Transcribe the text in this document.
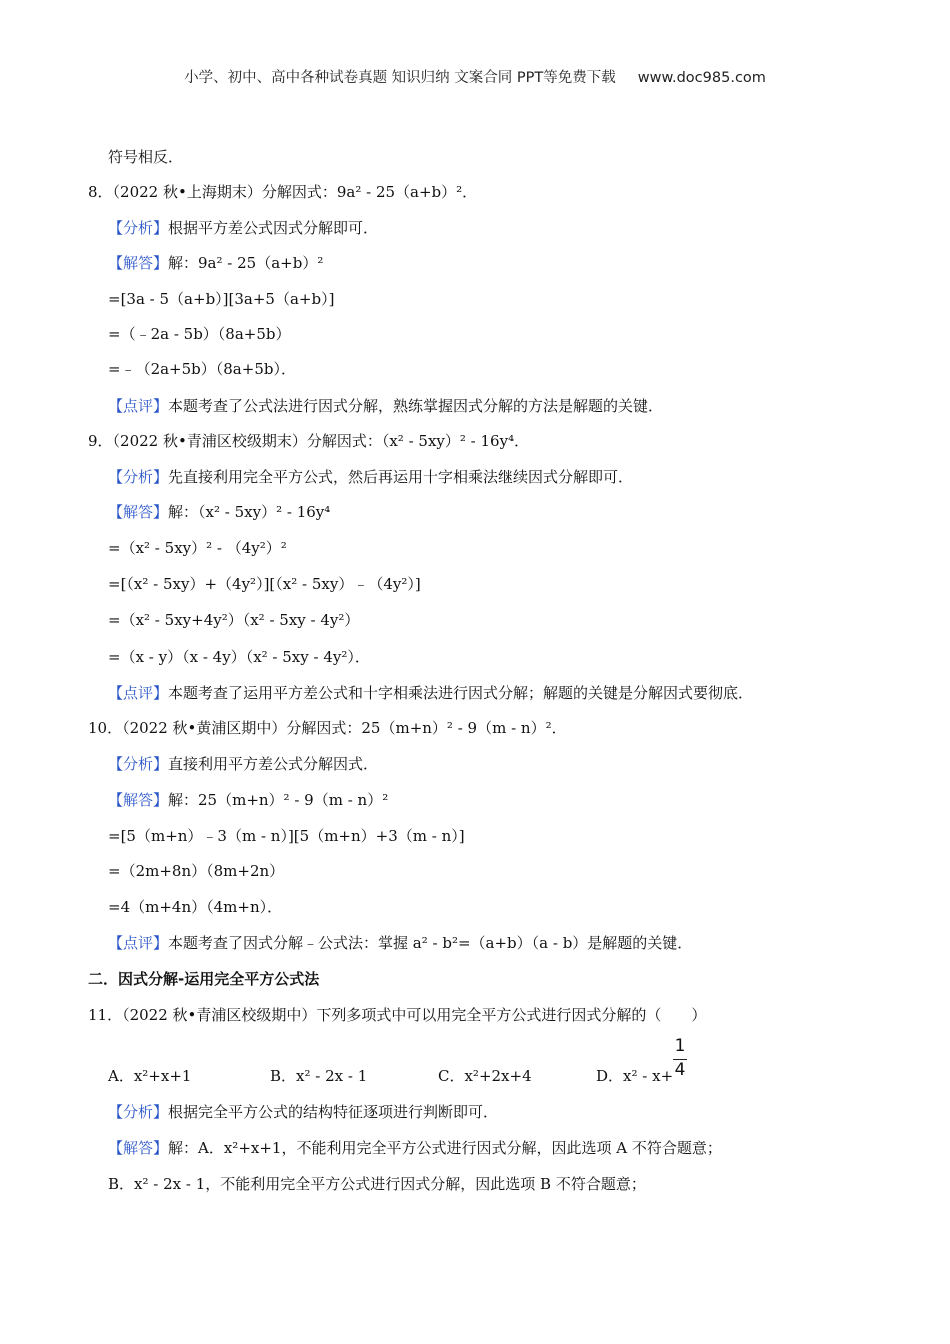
小学、初中、高中各种试卷真题 知识归纳 文案合同 PPT等免费下载 www.doc985.com
符号相反．
8．（2022 秋•上海期末）分解因式：9a² - 25（a+b）²．
【分析】根据平方差公式因式分解即可．
【解答】解：9a² - 25（a+b）²
=[3a - 5（a+b）][3a+5（a+b）]
=（﹣2a - 5b）（8a+5b）
=﹣（2a+5b）（8a+5b）．
【点评】本题考查了公式法进行因式分解，熟练掌握因式分解的方法是解题的关键．
9．（2022 秋•青浦区校级期末）分解因式：（x² - 5xy）² - 16y⁴．
【分析】先直接利用完全平方公式，然后再运用十字相乘法继续因式分解即可．
【解答】解：（x² - 5xy）² - 16y⁴
=（x² - 5xy）² - （4y²）²
=[（x² - 5xy）+（4y²）][（x² - 5xy）﹣（4y²）]
=（x² - 5xy+4y²）（x² - 5xy - 4y²）
=（x - y）（x - 4y）（x² - 5xy - 4y²）．
【点评】本题考查了运用平方差公式和十字相乘法进行因式分解；解题的关键是分解因式要彻底．
10．（2022 秋•黄浦区期中）分解因式：25（m+n）² - 9（m - n）²．
【分析】直接利用平方差公式分解因式．
【解答】解：25（m+n）² - 9（m - n）²
=[5（m+n）﹣3（m - n）][5（m+n）+3（m - n）]
=（2m+8n）（8m+2n）
=4（m+4n）（4m+n）．
【点评】本题考查了因式分解﹣公式法：掌握 a² - b²=（a+b）（a - b）是解题的关键．
二．因式分解-运用完全平方公式法
11．（2022 秋•青浦区校级期中）下列多项式中可以用完全平方公式进行因式分解的（　　）
A．x²+x+1	B．x² - 2x - 1	C．x²+2x+4	D．x² - x+
1
4
【分析】根据完全平方公式的结构特征逐项进行判断即可．
【解答】解：A．x²+x+1，不能利用完全平方公式进行因式分解，因此选项 A 不符合题意；
B．x² - 2x - 1，不能利用完全平方公式进行因式分解，因此选项 B 不符合题意；
